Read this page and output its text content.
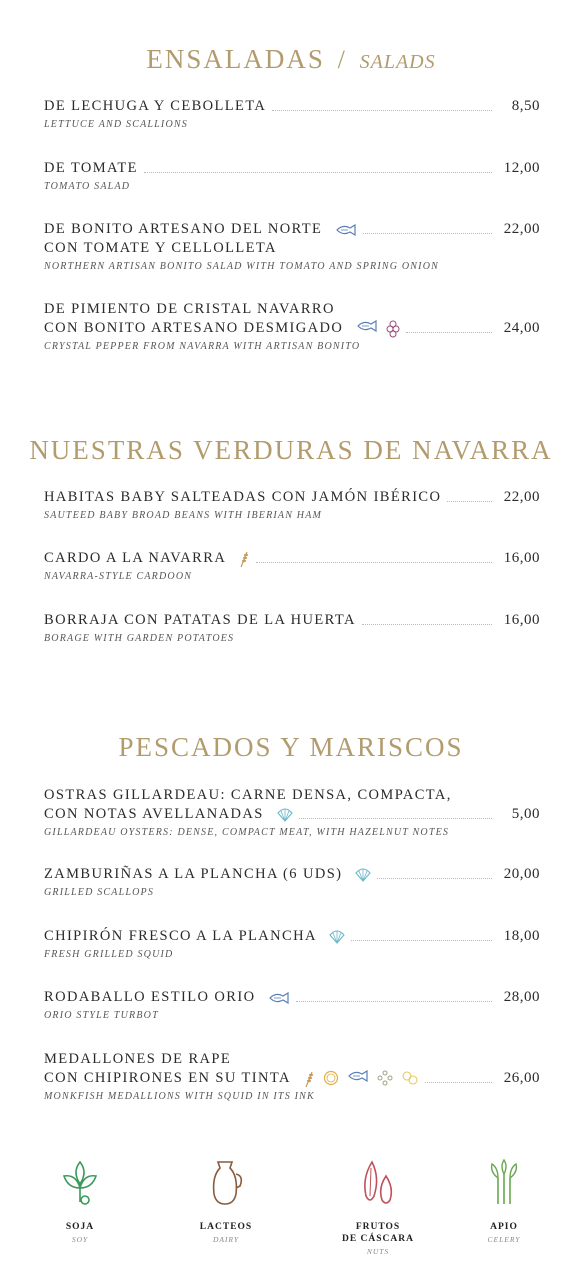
ENSALADAS / SALADS
DE LECHUGA Y CEBOLLETA	8,50
LETTUCE AND SCALLIONS
DE TOMATE	12,00
TOMATO SALAD
DE BONITO ARTESANO DEL NORTE	22,00
CON TOMATE Y CELLOLLETA
NORTHERN ARTISAN BONITO SALAD WITH TOMATO AND SPRING ONION
DE PIMIENTO DE CRISTAL NAVARRO
CON BONITO ARTESANO DESMIGADO	24,00
CRYSTAL PEPPER FROM NAVARRA WITH ARTISAN BONITO
NUESTRAS VERDURAS DE NAVARRA
HABITAS BABY SALTEADAS CON JAMÓN IBÉRICO	22,00
SAUTEED BABY BROAD BEANS WITH IBERIAN HAM
CARDO A LA NAVARRA	16,00
NAVARRA-STYLE CARDOON
BORRAJA CON PATATAS DE LA HUERTA	16,00
BORAGE WITH GARDEN POTATOES
PESCADOS Y MARISCOS
OSTRAS GILLARDEAU: CARNE DENSA, COMPACTA,
CON NOTAS AVELLANADAS	5,00
GILLARDEAU OYSTERS: DENSE, COMPACT MEAT, WITH HAZELNUT NOTES
ZAMBURIÑAS A LA PLANCHA (6 UDS)	20,00
GRILLED SCALLOPS
CHIPIRÓN FRESCO A LA PLANCHA	18,00
FRESH GRILLED SQUID
RODABALLO ESTILO ORIO	28,00
ORIO STYLE TURBOT
MEDALLONES DE RAPE
CON CHIPIRONES EN SU TINTA	26,00
MONKFISH MEDALLIONS WITH SQUID IN ITS INK
SOJA
SOY
LACTEOS
DAIRY
FRUTOS
DE CÁSCARA
NUTS
APIO
CELERY
